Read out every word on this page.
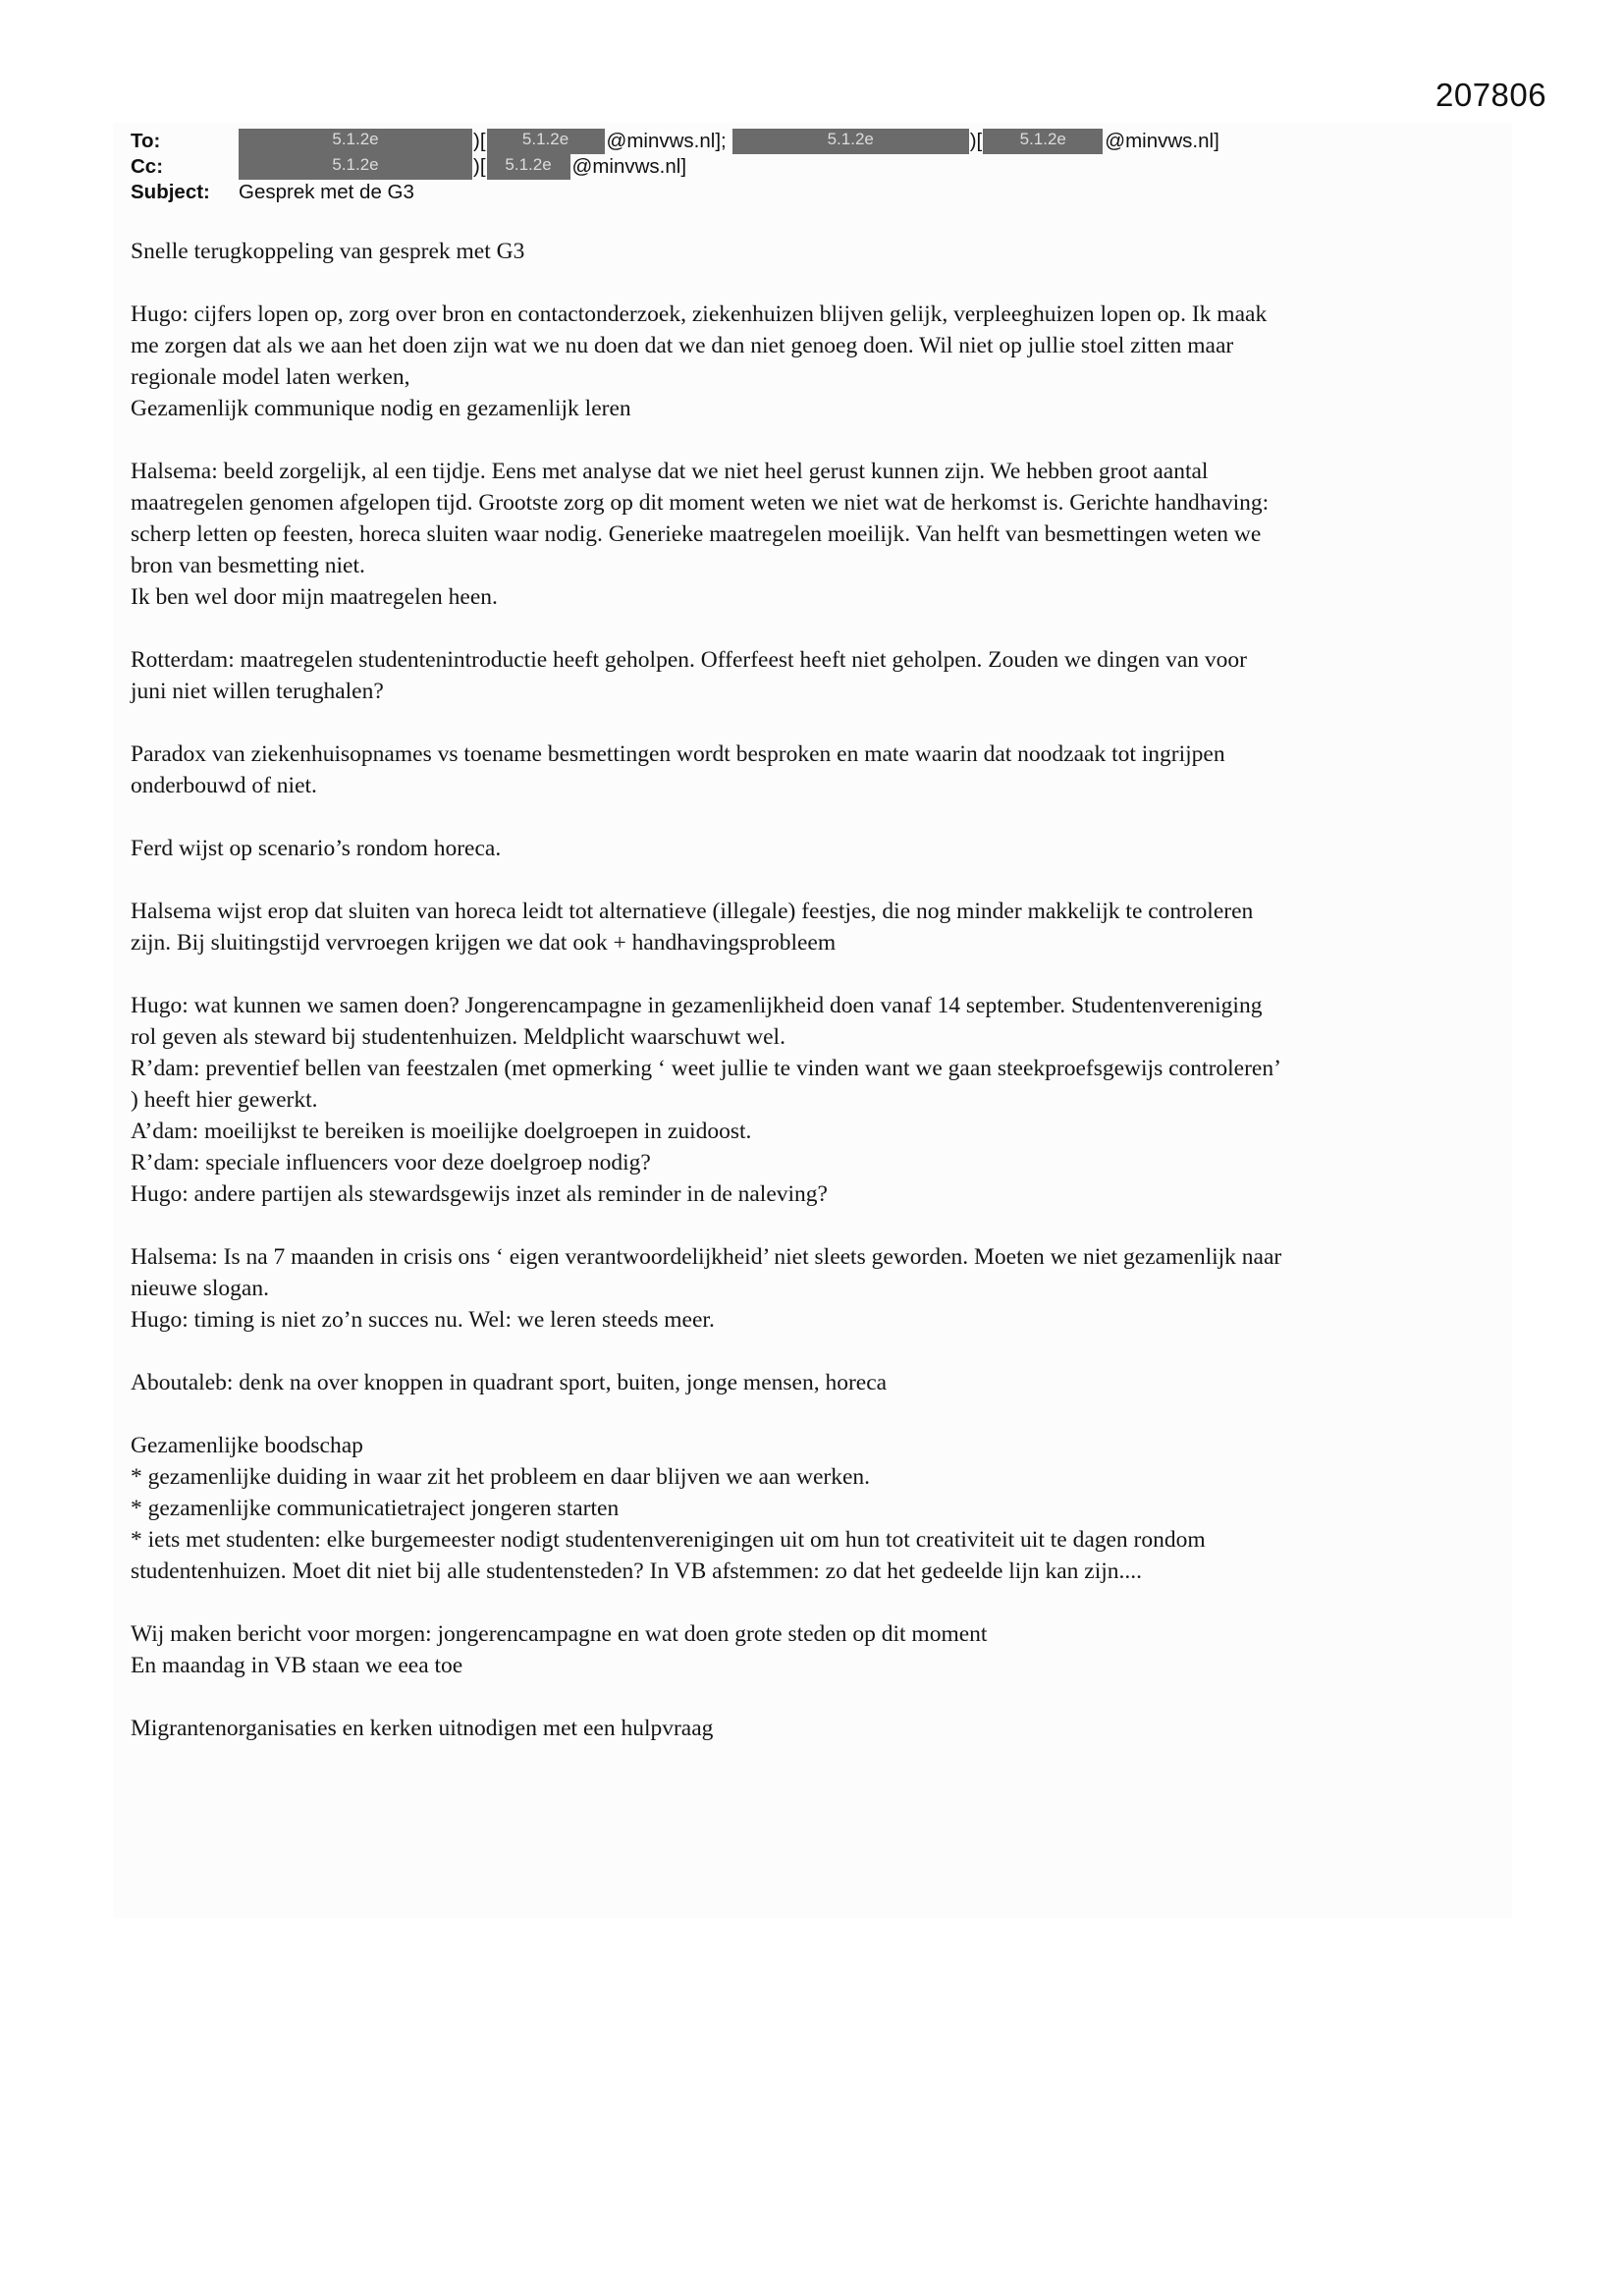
207806
To:	5.1.2e	)[	5.1.2e	@minvws.nl];	5.1.2e	)[	5.1.2e	@minvws.nl]
Cc:	5.1.2e	)[	5.1.2e	@minvws.nl]
Subject: Gesprek met de G3
Snelle terugkoppeling van gesprek met G3
Hugo: cijfers lopen op, zorg over bron en contactonderzoek, ziekenhuizen blijven gelijk, verpleeghuizen lopen op. Ik maak
me zorgen dat als we aan het doen zijn wat we nu doen dat we dan niet genoeg doen. Wil niet op jullie stoel zitten maar
regionale model laten werken,
Gezamenlijk communique nodig en gezamenlijk leren
Halsema: beeld zorgelijk, al een tijdje. Eens met analyse dat we niet heel gerust kunnen zijn. We hebben groot aantal
maatregelen genomen afgelopen tijd. Grootste zorg op dit moment weten we niet wat de herkomst is. Gerichte handhaving:
scherp letten op feesten, horeca sluiten waar nodig. Generieke maatregelen moeilijk. Van helft van besmettingen weten we
bron van besmetting niet.
Ik ben wel door mijn maatregelen heen.
Rotterdam: maatregelen studentenintroductie heeft geholpen. Offerfeest heeft niet geholpen. Zouden we dingen van voor
juni niet willen terughalen?
Paradox van ziekenhuisopnames vs toename besmettingen wordt besproken en mate waarin dat noodzaak tot ingrijpen
onderbouwd of niet.
Ferd wijst op scenario’s rondom horeca.
Halsema wijst erop dat sluiten van horeca leidt tot alternatieve (illegale) feestjes, die nog minder makkelijk te controleren
zijn. Bij sluitingstijd vervroegen krijgen we dat ook + handhavingsprobleem
Hugo: wat kunnen we samen doen? Jongerencampagne in gezamenlijkheid doen vanaf 14 september. Studentenvereniging
rol geven als steward bij studentenhuizen. Meldplicht waarschuwt wel.
R’dam: preventief bellen van feestzalen (met opmerking ‘ weet jullie te vinden want we gaan steekproefsgewijs controleren’
) heeft hier gewerkt.
A’dam: moeilijkst te bereiken is moeilijke doelgroepen in zuidoost.
R’dam: speciale influencers voor deze doelgroep nodig?
Hugo: andere partijen als stewardsgewijs inzet als reminder in de naleving?
Halsema: Is na 7 maanden in crisis ons ‘ eigen verantwoordelijkheid’ niet sleets geworden. Moeten we niet gezamenlijk naar
nieuwe slogan.
Hugo: timing is niet zo’n succes nu. Wel: we leren steeds meer.
Aboutaleb: denk na over knoppen in quadrant sport, buiten, jonge mensen, horeca
Gezamenlijke boodschap
* gezamenlijke duiding in waar zit het probleem en daar blijven we aan werken.
* gezamenlijke communicatietraject jongeren starten
* iets met studenten: elke burgemeester nodigt studentenverenigingen uit om hun tot creativiteit uit te dagen rondom
studentenhuizen. Moet dit niet bij alle studentensteden? In VB afstemmen: zo dat het gedeelde lijn kan zijn....
Wij maken bericht voor morgen: jongerencampagne en wat doen grote steden op dit moment
En maandag in VB staan we eea toe
Migrantenorganisaties en kerken uitnodigen met een hulpvraag
